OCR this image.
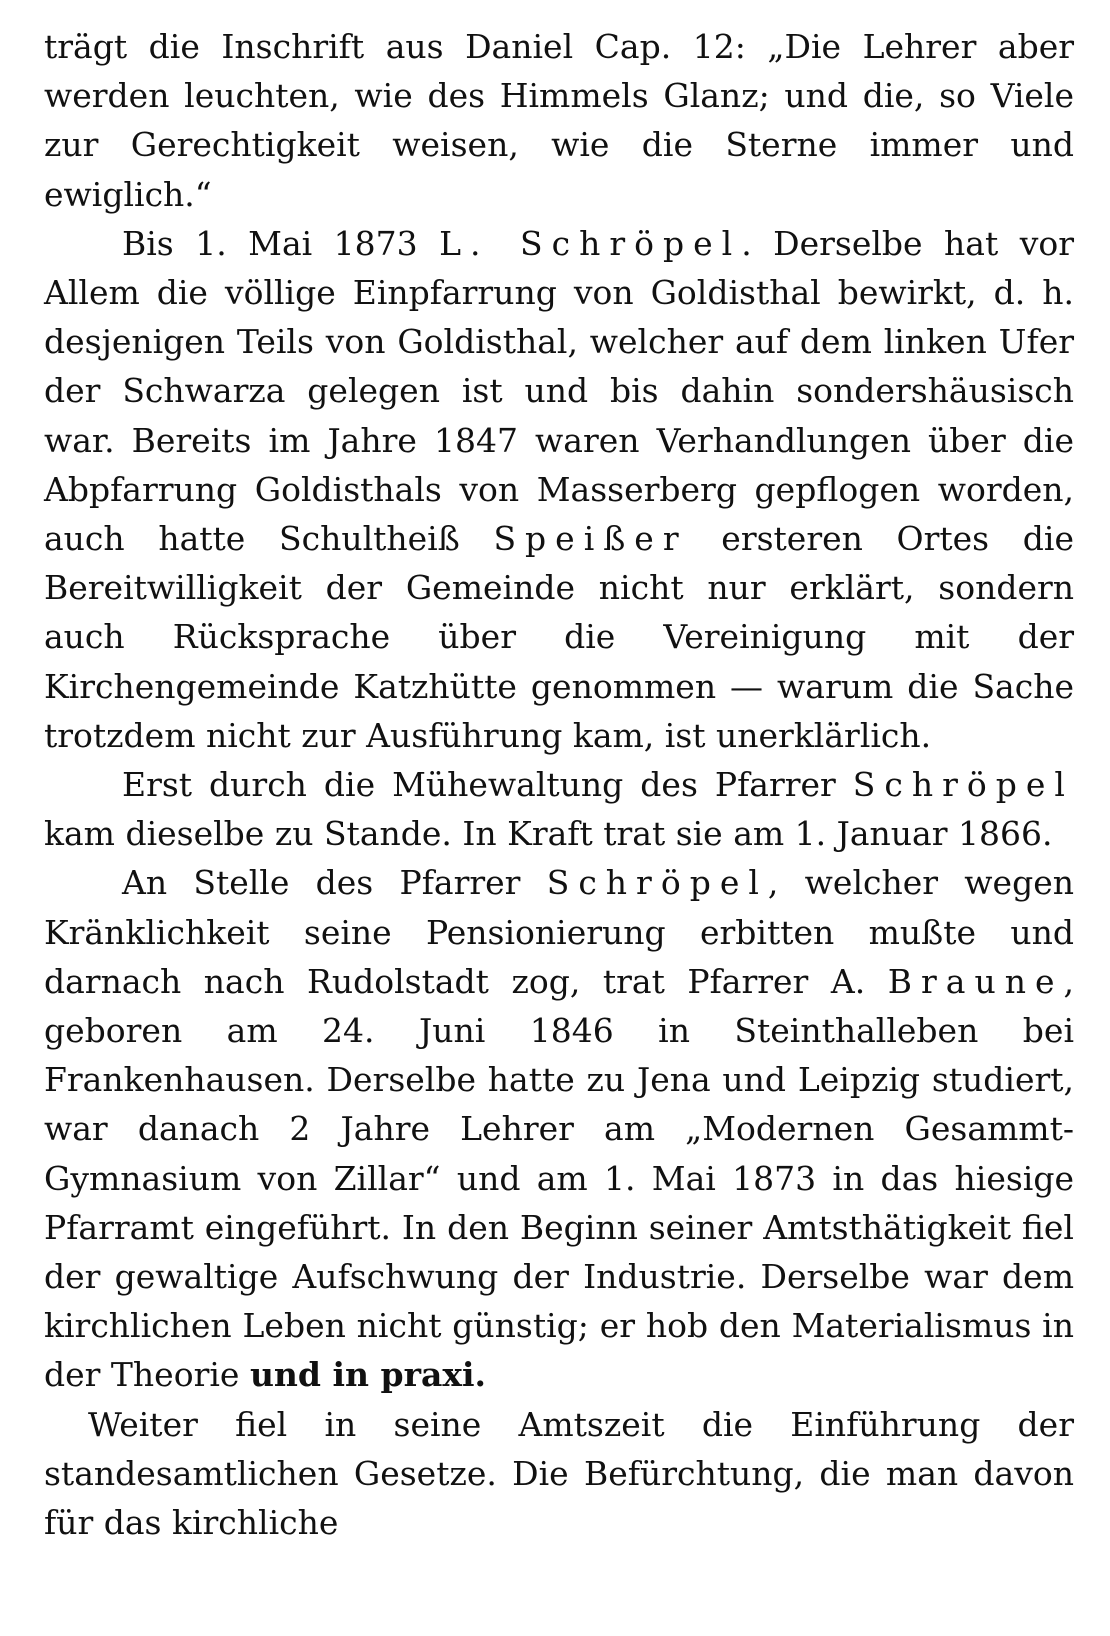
trägt die Inschrift aus Daniel Cap. 12: „Die Lehrer aber werden leuchten, wie des Himmels Glanz; und die, so Viele zur Gerechtigkeit weisen, wie die Sterne immer und ewiglich.“

Bis 1. Mai 1873 L. Schröpel. Derselbe hat vor Allem die völlige Einpfarrung von Goldisthal bewirkt, d. h. desjenigen Teils von Goldisthal, welcher auf dem linken Ufer der Schwarza gelegen ist und bis dahin sondershäusisch war. Bereits im Jahre 1847 waren Verhandlungen über die Abpfarrung Goldisthals von Masserberg gepflogen worden, auch hatte Schultheiß Speißer ersteren Ortes die Bereitwilligkeit der Gemeinde nicht nur erklärt, sondern auch Rücksprache über die Vereinigung mit der Kirchengemeinde Katzhütte genommen — warum die Sache trotzdem nicht zur Ausführung kam, ist unerklärlich.

Erst durch die Mühewaltung des Pfarrer Schröpel kam dieselbe zu Stande. In Kraft trat sie am 1. Januar 1866.

An Stelle des Pfarrer Schröpel, welcher wegen Kränklichkeit seine Pensionierung erbitten mußte und darnach nach Rudolstadt zog, trat Pfarrer A. Braune, geboren am 24. Juni 1846 in Steinthalleben bei Frankenhausen. Derselbe hatte zu Jena und Leipzig studiert, war danach 2 Jahre Lehrer am „Modernen Gesammt-Gymnasium von Zillar“ und am 1. Mai 1873 in das hiesige Pfarramt eingeführt. In den Beginn seiner Amtsthätigkeit fiel der gewaltige Aufschwung der Industrie. Derselbe war dem kirchlichen Leben nicht günstig; er hob den Materialismus in der Theorie und in praxi.

Weiter fiel in seine Amtszeit die Einführung der standesamtlichen Gesetze. Die Befürchtung, die man davon für das kirchliche
